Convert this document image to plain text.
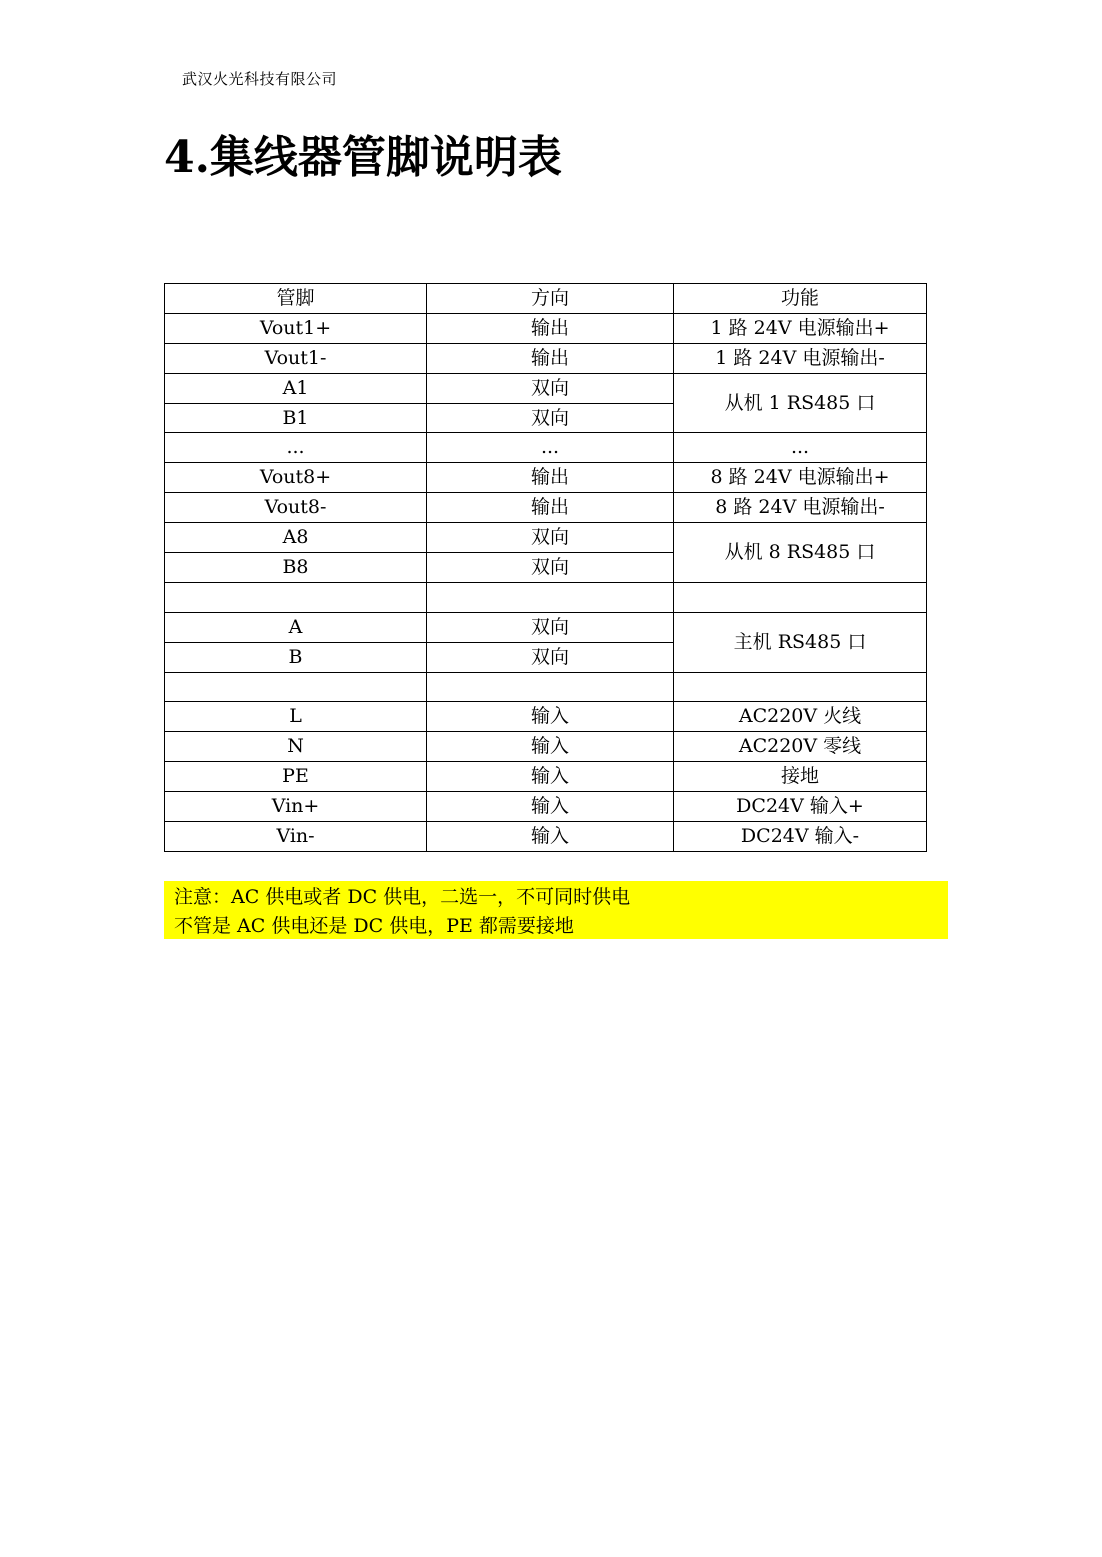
武汉火光科技有限公司
4.集线器管脚说明表
管脚	方向	功能
Vout1+	输出	1 路 24V 电源输出+
Vout1-	输出	1 路 24V 电源输出-
A1	双向	从机 1 RS485 口
B1	双向	
...	...	...
Vout8+	输出	8 路 24V 电源输出+
Vout8-	输出	8 路 24V 电源输出-
A8	双向	从机 8 RS485 口
B8	双向	

A	双向	主机 RS485 口
B	双向	

L	输入	AC220V 火线
N	输入	AC220V 零线
PE	输入	接地
Vin+	输入	DC24V 输入+
Vin-	输入	DC24V 输入-
注意：AC 供电或者 DC 供电，二选一，不可同时供电
不管是 AC 供电还是 DC 供电，PE 都需要接地
